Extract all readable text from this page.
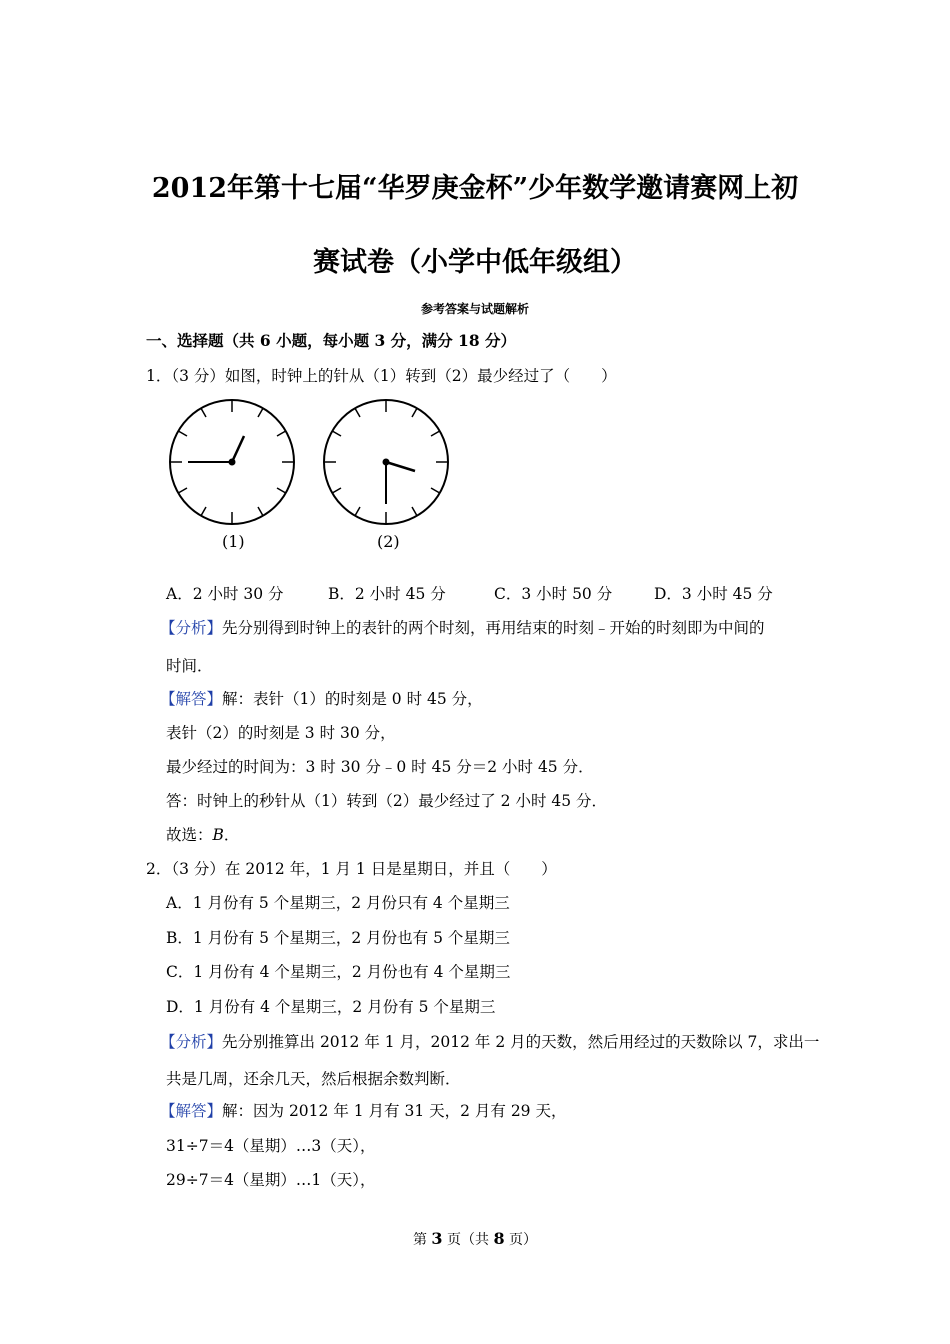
2012年第十七届“华罗庚金杯”少年数学邀请赛网上初
赛试卷（小学中低年级组）
参考答案与试题解析
一、选择题（共 6 小题，每小题 3 分，满分 18 分）
1．（3 分）如图，时钟上的针从（1）转到（2）最少经过了（　　）
(1)	(2)
A．2 小时 30 分	B．2 小时 45 分	C．3 小时 50 分	D．3 小时 45 分
【分析】先分别得到时钟上的表针的两个时刻，再用结束的时刻﹣开始的时刻即为中间的
时间．
【解答】解：表针（1）的时刻是 0 时 45 分，
表针（2）的时刻是 3 时 30 分，
最少经过的时间为：3 时 30 分﹣0 时 45 分＝2 小时 45 分．
答：时钟上的秒针从（1）转到（2）最少经过了 2 小时 45 分．
故选：B．
2．（3 分）在 2012 年，1 月 1 日是星期日，并且（　　）
A．1 月份有 5 个星期三，2 月份只有 4 个星期三
B．1 月份有 5 个星期三，2 月份也有 5 个星期三
C．1 月份有 4 个星期三，2 月份也有 4 个星期三
D．1 月份有 4 个星期三，2 月份有 5 个星期三
【分析】先分别推算出 2012 年 1 月，2012 年 2 月的天数，然后用经过的天数除以 7，求出一
共是几周，还余几天，然后根据余数判断．
【解答】解：因为 2012 年 1 月有 31 天，2 月有 29 天，
31÷7＝4（星期）…3（天），
29÷7＝4（星期）…1（天），
第 3 页（共 8 页）
